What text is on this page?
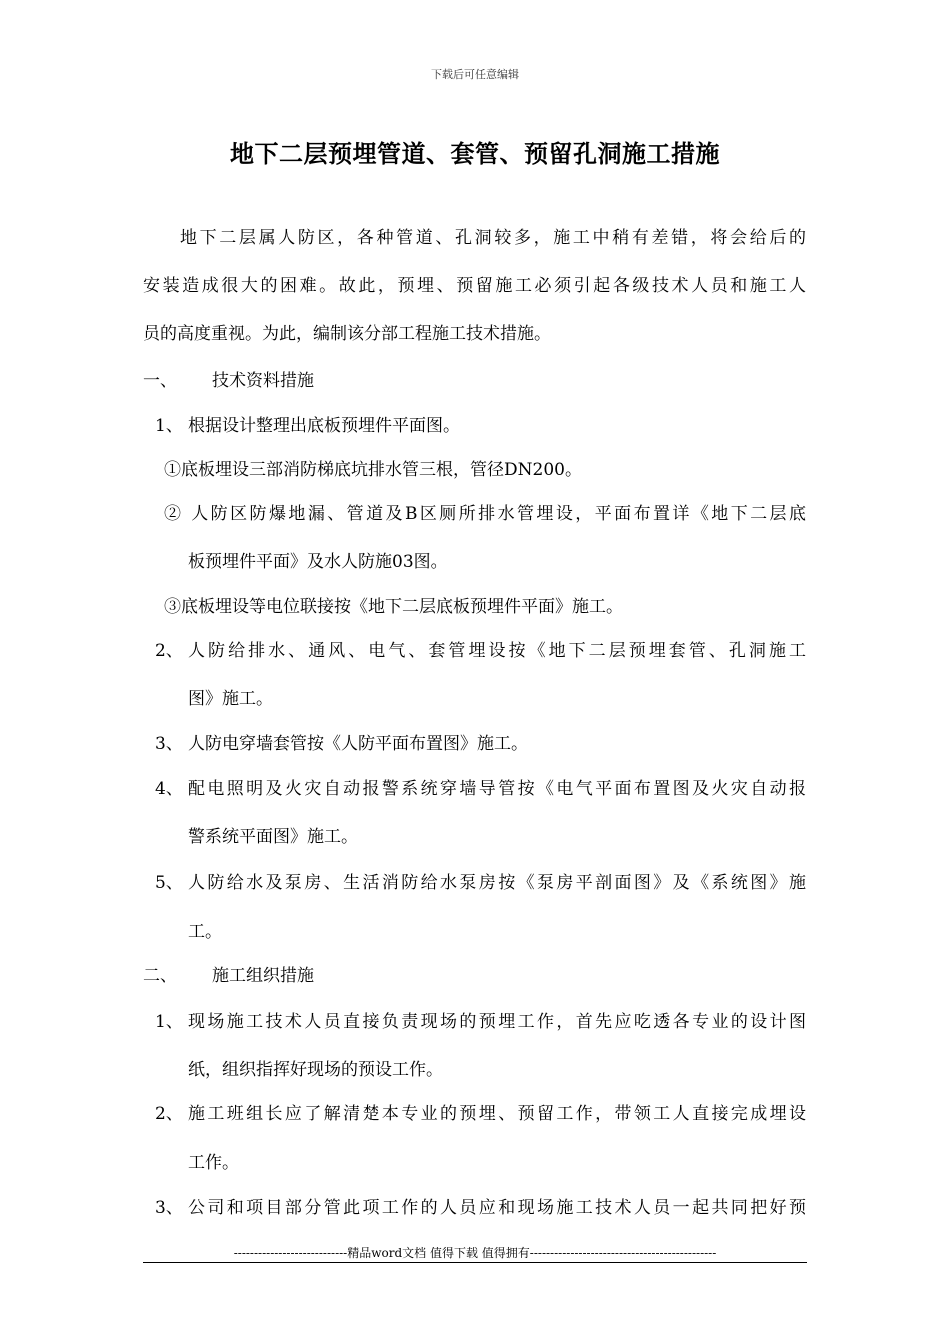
下载后可任意编辑
地下二层预埋管道、套管、预留孔洞施工措施
地下二层属人防区，各种管道、孔洞较多，施工中稍有差错，将会给后的
安装造成很大的困难。故此，预埋、预留施工必须引起各级技术人员和施工人
员的高度重视。为此，编制该分部工程施工技术措施。
一、 技术资料措施
1、 根据设计整理出底板预埋件平面图。
①底板埋设三部消防梯底坑排水管三根，管径DN200。
② 人防区防爆地漏、管道及B区厕所排水管埋设，平面布置详《地下二层底
板预埋件平面》及水人防施03图。
③底板埋设等电位联接按《地下二层底板预埋件平面》施工。
2、 人防给排水、通风、电气、套管埋设按《地下二层预埋套管、孔洞施工
图》施工。
3、 人防电穿墙套管按《人防平面布置图》施工。
4、 配电照明及火灾自动报警系统穿墙导管按《电气平面布置图及火灾自动报
警系统平面图》施工。
5、 人防给水及泵房、生活消防给水泵房按《泵房平剖面图》及《系统图》施
工。
二、 施工组织措施
1、 现场施工技术人员直接负责现场的预埋工作，首先应吃透各专业的设计图
纸，组织指挥好现场的预设工作。
2、 施工班组长应了解清楚本专业的预埋、预留工作，带领工人直接完成埋设
工作。
3、 公司和项目部分管此项工作的人员应和现场施工技术人员一起共同把好预
----------------------------精品word文档 值得下载 值得拥有----------------------------------------------
